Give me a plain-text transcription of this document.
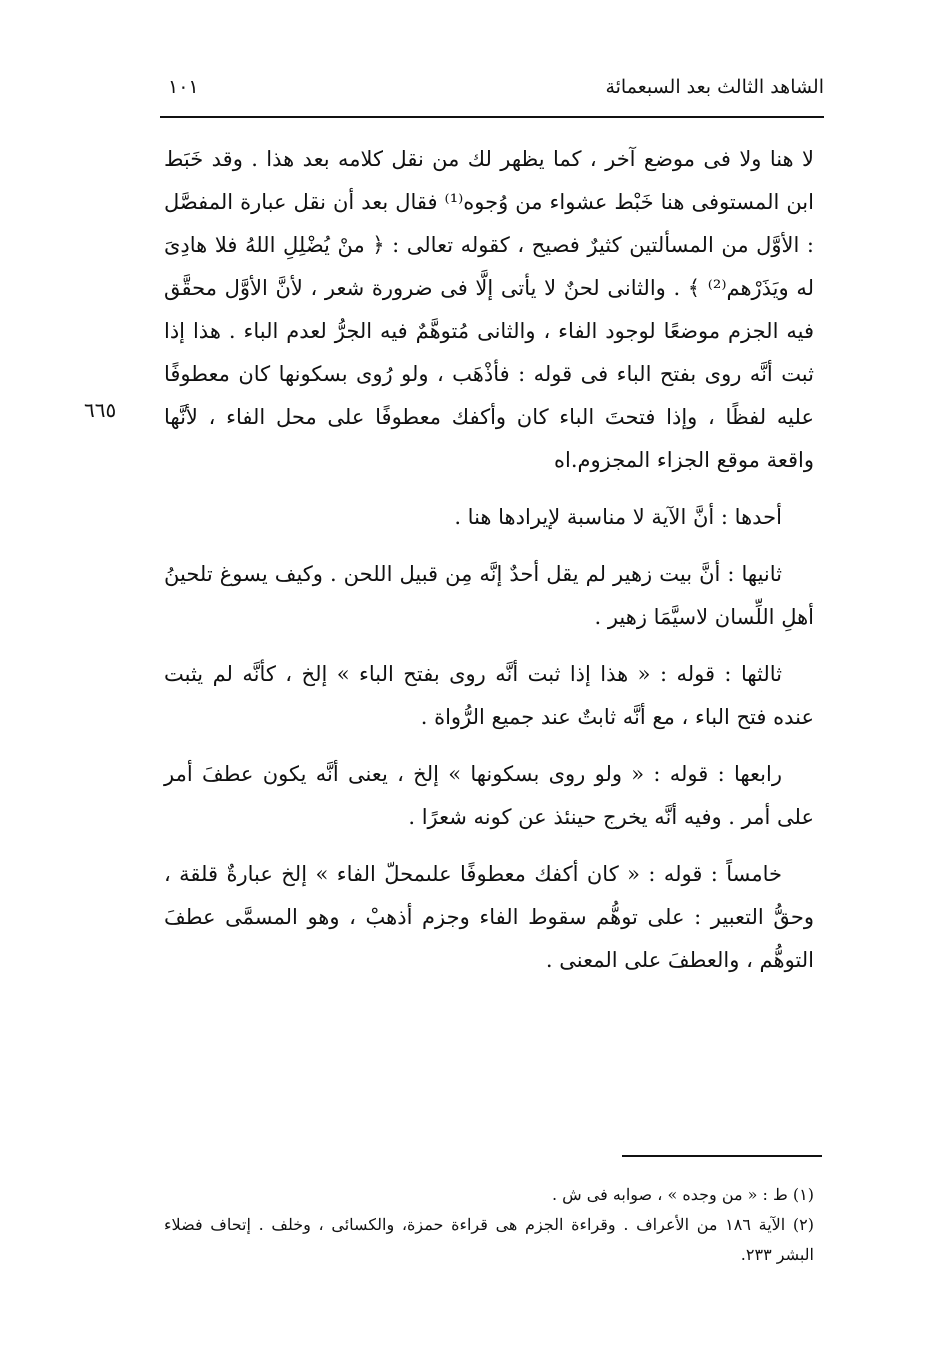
الشاهد الثالث بعد السبعمائة
١٠١
٦٦٥

لا هنا ولا فى موضع آخر ، كما يظهر لك من نقل كلامه بعد هذا . وقد خَبَط ابن المستوفى هنا خَبْط عشواء من وُجوه⁽¹⁾ فقال بعد أن نقل عبارة المفصَّل : الأوَّل من المسألتين كثيرٌ فصيح ، كقوله تعالى : ﴿ منْ يُضْلِلِ اللهُ فلا هادِىَ له ويَذَرْهم⁽²⁾ ﴾ . والثانى لحنٌ لا يأتى إلَّا فى ضرورة شعر ، لأنَّ الأوَّل محقَّق فيه الجزم موضعًا لوجود الفاء ، والثانى مُتوهَّمٌ فيه الجرُّ لعدم الباء . هذا إذا ثبت أنَّه روى بفتح الباء فى قوله : فأذْهَب ، ولو رُوى بسكونها كان معطوفًا عليه لفظًا ، وإذا فتحتَ الباء كان وأكفك معطوفًا على محل الفاء ، لأنَّها واقعة موقع الجزاء المجزوم.اه

أحدها : أنَّ الآية لا مناسبة لإيرادها هنا .

ثانيها : أنَّ بيت زهير لم يقل أحدٌ إنَّه مِن قبيل اللحن . وكيف يسوغ تلحينُ أهلِ اللِّسان لاسيَّمَا زهير .

ثالثها : قوله : « هذا إذا ثبت أنَّه روى بفتح الباء » إلخ ، كأنَّه لم يثبت عنده فتح الباء ، مع أنَّه ثابتٌ عند جميع الرُّواة .

رابعها : قوله : « ولو روى بسكونها » إلخ ، يعنى أنَّه يكون عطفَ أمر على أمر . وفيه أنَّه يخرج حينئذ عن كونه شعرًا .

خامساً : قوله : « كان أكفك معطوفًا علىمحلّ الفاء » إلخ عبارةٌ قلقة ، وحقُّ التعبير : على توهُّم سقوط الفاء وجزم أذهبْ ، وهو المسمَّى عطفَ التوهُّم ، والعطفَ على المعنى .

(١) ط : « من وجده » ، صوابه فى ش .

(٢) الآية ١٨٦ من الأعراف . وقراءة الجزم هى قراءة حمزة، والكسائى ، وخلف . إتحاف فضلاء البشر ٢٣٣.
